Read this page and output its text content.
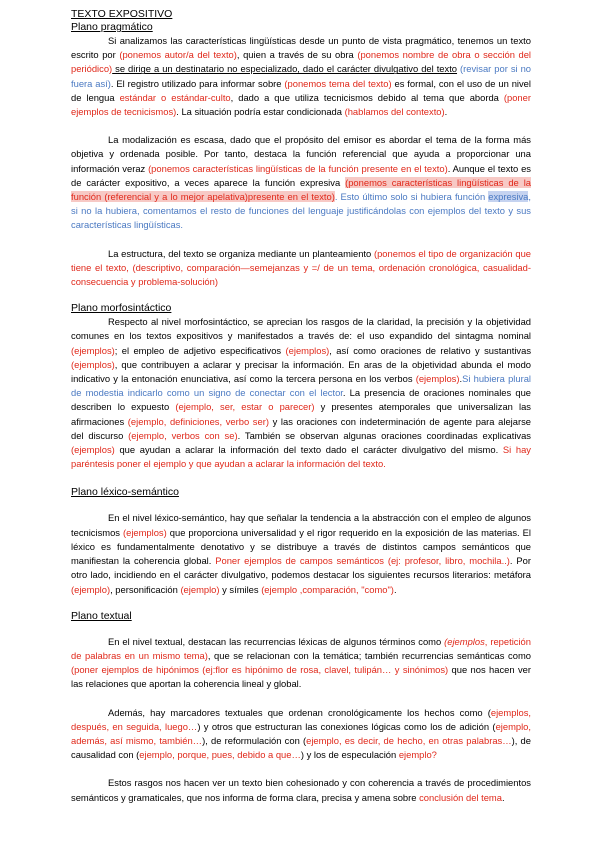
TEXTO EXPOSITIVO
Plano pragmático

Si analizamos las características lingüísticas desde un punto de vista pragmático, tenemos un texto escrito por (ponemos autor/a del texto), quien a través de su obra (ponemos nombre de obra o sección del periódico) se dirige a un destinatario no especializado, dado el carácter divulgativo del texto (revisar por si no fuera así). El registro utilizado para informar sobre (ponemos tema del texto) es formal, con el uso de un nivel de lengua estándar o estándar-culto, dado a que utiliza tecnicismos debido al tema que aborda (poner ejemplos de tecnicismos). La situación podría estar condicionada (hablamos del contexto).

La modalización es escasa, dado que el propósito del emisor es abordar el tema de la forma más objetiva y ordenada posible. Por tanto, destaca la función referencial que ayuda a proporcionar una información veraz (ponemos características lingüísticas de la función presente en el texto). Aunque el texto es de carácter expositivo, a veces aparece la función expresiva (ponemos características lingüísticas de la función (referencial y a lo mejor apelativa)presente en el texto). Esto último solo si hubiera función expresiva, si no la hubiera, comentamos el resto de funciones del lenguaje justificándolas con ejemplos del texto y sus características lingüísticas.

La estructura, del texto se organiza mediante un planteamiento (ponemos el tipo de organización que tiene el texto, (descriptivo, comparación—semejanzas y =/ de un tema, ordenación cronológica, casualidad-consecuencia y problema-solución)

Plano morfosintáctico

Respecto al nivel morfosintáctico, se aprecian los rasgos de la claridad, la precisión y la objetividad comunes en los textos expositivos y manifestados a través de: el uso expandido del sintagma nominal (ejemplos); el empleo de adjetivo especificativos (ejemplos), así como oraciones de relativo y sustantivas (ejemplos), que contribuyen a aclarar y precisar la información. En aras de la objetividad abunda el modo indicativo y la entonación enunciativa, así como la tercera persona en los verbos (ejemplos).Si hubiera plural de modestia indicarlo como un signo de conectar con el lector. La presencia de oraciones nominales que describen lo expuesto (ejemplo, ser, estar o parecer) y presentes atemporales que universalizan las afirmaciones (ejemplo, definiciones, verbo ser) y las oraciones con indeterminación de agente para alejarse del discurso (ejemplo, verbos con se). También se observan algunas oraciones coordinadas explicativas (ejemplos) que ayudan a aclarar la información del texto dado el carácter divulgativo del mismo. Si hay paréntesis poner el ejemplo y que ayudan a aclarar la información del texto.

Plano léxico-semántico

En el nivel léxico-semántico, hay que señalar la tendencia a la abstracción con el empleo de algunos tecnicismos (ejemplos) que proporciona universalidad y el rigor requerido en la exposición de las materias. El léxico es fundamentalmente denotativo y se distribuye a través de distintos campos semánticos que manifiestan la coherencia global. Poner ejemplos de campos semánticos (ej: profesor, libro, mochila..). Por otro lado, incidiendo en el carácter divulgativo, podemos destacar los siguientes recursos literarios: metáfora (ejemplo), personificación (ejemplo) y símiles (ejemplo ,comparación, "como").

Plano textual

En el nivel textual, destacan las recurrencias léxicas de algunos términos como (ejemplos, repetición de palabras en un mismo tema), que se relacionan con la temática; también recurrencias semánticas como (poner ejemplos de hipónimos (ej:flor es hipónimo de rosa, clavel, tulipán… y sinónimos) que nos hacen ver las relaciones que aportan la coherencia lineal y global.

Además, hay marcadores textuales que ordenan cronológicamente los hechos como (ejemplos, después, en seguida, luego…) y otros que estructuran las conexiones lógicas como los de adición (ejemplo, además, así mismo, también…), de reformulación con (ejemplo, es decir, de hecho, en otras palabras…), de causalidad con (ejemplo, porque, pues, debido a que…) y los de especulación ejemplo?

Estos rasgos nos hacen ver un texto bien cohesionado y con coherencia a través de procedimientos semánticos y gramaticales, que nos informa de forma clara, precisa y amena sobre conclusión del tema.
